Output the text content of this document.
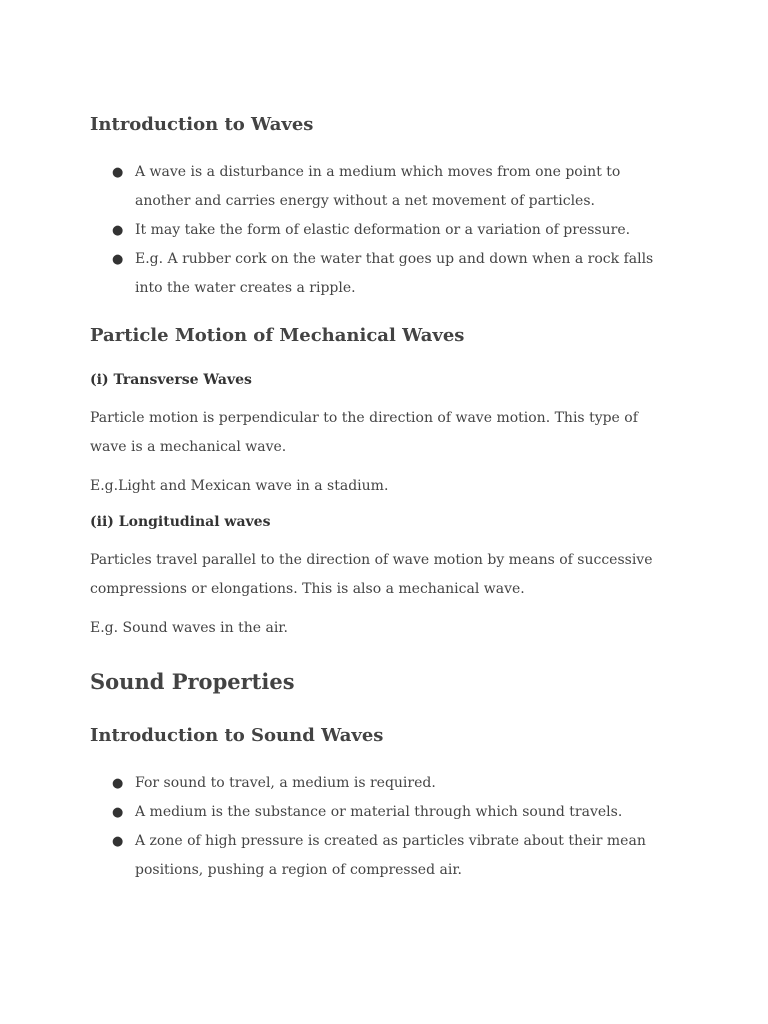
Introduction to Waves
● A wave is a disturbance in a medium which moves from one point to another and carries energy without a net movement of particles.
● It may take the form of elastic deformation or a variation of pressure.
● E.g. A rubber cork on the water that goes up and down when a rock falls into the water creates a ripple.
Particle Motion of Mechanical Waves
(i) Transverse Waves

Particle motion is perpendicular to the direction of wave motion. This type of wave is a mechanical wave.

E.g.Light and Mexican wave in a stadium.

(ii) Longitudinal waves

Particles travel parallel to the direction of wave motion by means of successive compressions or elongations. This is also a mechanical wave.

E.g. Sound waves in the air.

Sound Properties
Introduction to Sound Waves
● For sound to travel, a medium is required.
● A medium is the substance or material through which sound travels.
● A zone of high pressure is created as particles vibrate about their mean positions, pushing a region of compressed air.
